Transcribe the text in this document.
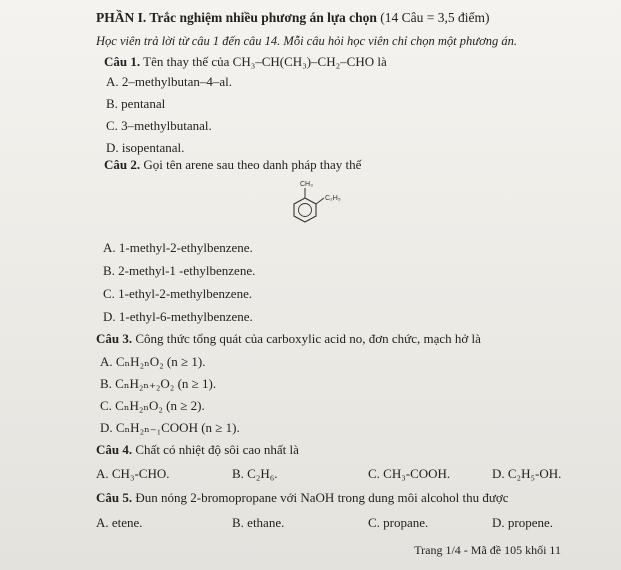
PHẦN I. Trắc nghiệm nhiều phương án lựa chọn (14 Câu = 3,5 điểm)
Học viên trả lời từ câu 1 đến câu 14. Mỗi câu hỏi học viên chỉ chọn một phương án.
Câu 1. Tên thay thế của CH₃–CH(CH₃)–CH₂–CHO là
A. 2–methylbutan–4–al.
B. pentanal
C. 3–methylbutanal.
D. isopentanal.
Câu 2. Gọi tên arene sau theo danh pháp thay thế
CH₃
C₂H₅
A. 1-methyl-2-ethylbenzene.
B. 2-methyl-1 -ethylbenzene.
C. 1-ethyl-2-methylbenzene.
D. 1-ethyl-6-methylbenzene.
Câu 3. Công thức tổng quát của carboxylic acid no, đơn chức, mạch hở là
A. CₙH₂ₙO₂ (n ≥ 1).
B. CₙH₂ₙ₊₂O₂ (n ≥ 1).
C. CₙH₂ₙO₂ (n ≥ 2).
D. CₙH₂ₙ₋₁COOH (n ≥ 1).
Câu 4. Chất có nhiệt độ sôi cao nhất là
A. CH₃-CHO.	B. C₂H₆.	C. CH₃-COOH.	D. C₂H₅-OH.
Câu 5. Đun nóng 2-bromopropane với NaOH trong dung môi alcohol thu được
A. etene.	B. ethane.	C. propane.	D. propene.
Trang 1/4 - Mã đề 105 khối 11
